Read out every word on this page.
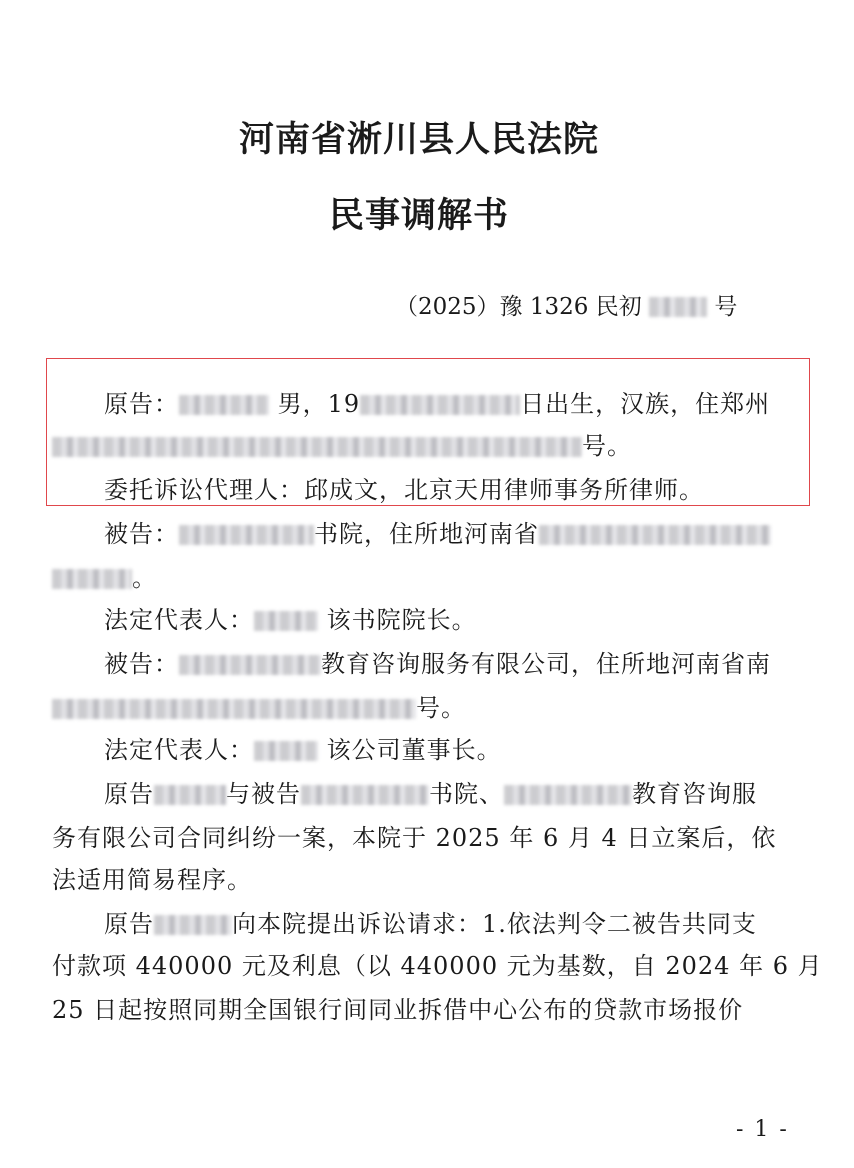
河南省淅川县人民法院
民事调解书
（2025）豫 1326 民初	号
原告：	男，19	日出生，汉族，住郑州
号。
委托诉讼代理人：邱成文，北京天用律师事务所律师。
被告：	书院，住所地河南省
。
法定代表人：	该书院院长。
被告：	教育咨询服务有限公司，住所地河南省南
号。
法定代表人：	该公司董事长。
原告	与被告	书院、	教育咨询服
务有限公司合同纠纷一案，本院于 2025 年 6 月 4 日立案后，依
法适用简易程序。
原告	向本院提出诉讼请求：1.依法判令二被告共同支
付款项 440000 元及利息（以 440000 元为基数，自 2024 年 6 月
25 日起按照同期全国银行间同业拆借中心公布的贷款市场报价
- 1 -
